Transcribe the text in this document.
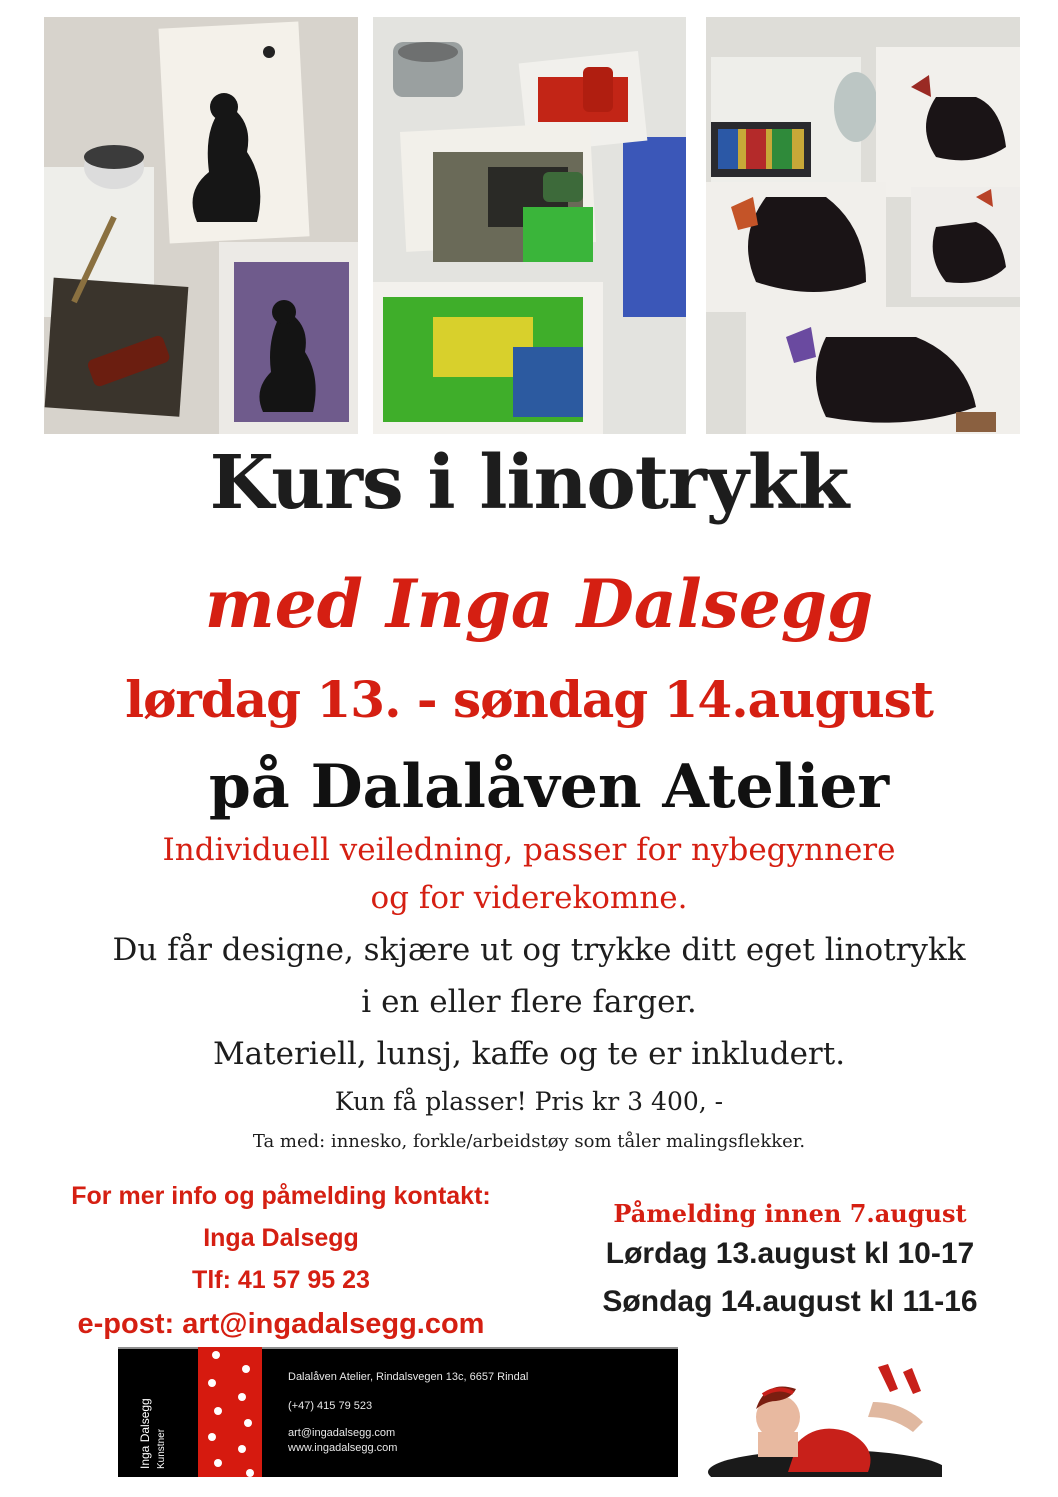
Kurs i linotrykk
med Inga Dalsegg
lørdag 13. - søndag 14.august
på Dalalåven Atelier
Individuell veiledning, passer for nybegynnere
og for viderekomne.
Du får designe, skjære ut og trykke ditt eget linotrykk
i en eller flere farger.
Materiell, lunsj, kaffe og te er inkludert.
Kun få plasser! Pris kr 3 400, -
Ta med: innesko, forkle/arbeidstøy som tåler malingsflekker.
For mer info og påmelding kontakt:
Inga Dalsegg
Tlf: 41 57 95 23
e-post: art@ingadalsegg.com
Påmelding innen 7.august
Lørdag 13.august kl 10-17
Søndag 14.august kl 11-16
Inga Dalsegg Kunstner
Dalalåven Atelier, Rindalsvegen 13c, 6657 Rindal
(+47) 415 79 523
art@ingadalsegg.com
www.ingadalsegg.com
